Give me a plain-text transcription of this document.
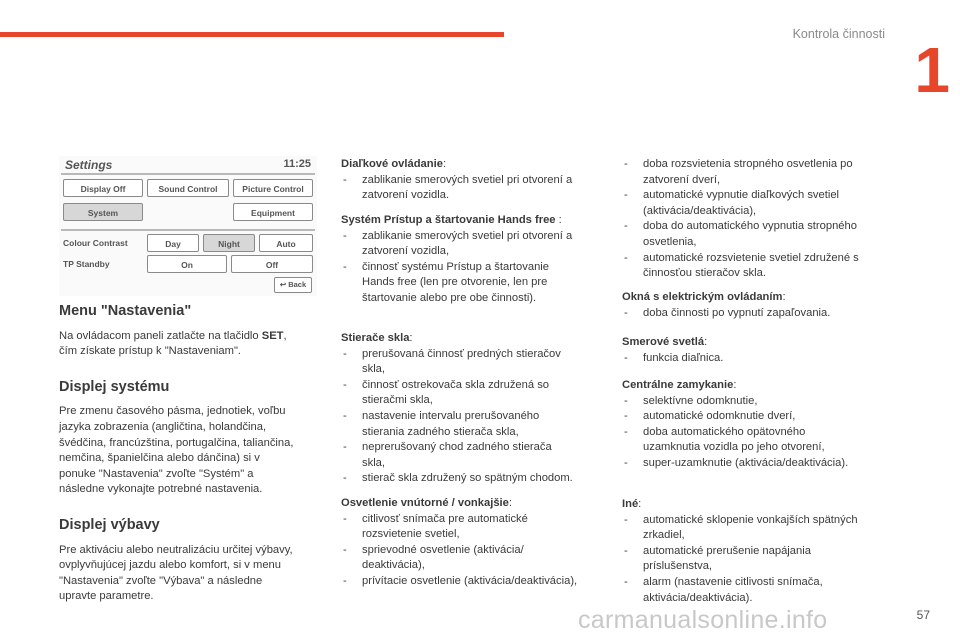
Kontrola činnosti 1
Settings	11:25
Display Off	Sound Control	Picture Control
System	Equipment
Colour Contrast	Day	Night	Auto
TP Standby	On	Off
↩ Back

Menu "Nastavenia"

Na ovládacom paneli zatlačte na tlačidlo SET,
čím získate prístup k "Nastaveniam".

Displej systému

Pre zmenu časového pásma, jednotiek, voľbu
jazyka zobrazenia (angličtina, holandčina,
švédčina, francúzština, portugalčina, taliančina,
nemčina, španielčina alebo dánčina) si v
ponuke "Nastavenia" zvoľte "Systém" a
následne vykonajte potrebné nastavenia.

Displej výbavy

Pre aktiváciu alebo neutralizáciu určitej výbavy,
ovplyvňujúcej jazdu alebo komfort, si v menu
"Nastavenia" zvoľte "Výbava" a následne
upravte parametre.

Diaľkové ovládanie:

- zablikanie smerových svetiel pri otvorení a
zatvorení vozidla.

Systém Prístup a štartovanie Hands free :

- zablikanie smerových svetiel pri otvorení a
zatvorení vozidla,
- činnosť systému Prístup a štartovanie
Hands free (len pre otvorenie, len pre
štartovanie alebo pre obe činnosti).

Stierače skla:

- prerušovaná činnosť predných stieračov
skla,
- činnosť ostrekovača skla združená so
stieračmi skla,
- nastavenie intervalu prerušovaného
stierania zadného stierača skla,
- neprerušovaný chod zadného stierača
skla,
- stierač skla združený so spätným chodom.

Osvetlenie vnútorné / vonkajšie:

- citlivosť snímača pre automatické
rozsvietenie svetiel,
- sprievodné osvetlenie (aktivácia/
deaktivácia),
- prívítacie osvetlenie (aktivácia/deaktivácia),
- doba rozsvietenia stropného osvetlenia po
zatvorení dverí,
- automatické vypnutie diaľkových svetiel
(aktivácia/deaktivácia),
- doba do automatického vypnutia stropného
osvetlenia,
- automatické rozsvietenie svetiel združené s
činnosťou stieračov skla.

Okná s elektrickým ovládaním:

- doba činnosti po vypnutí zapaľovania.

Smerové svetlá:

- funkcia diaľnica.

Centrálne zamykanie:

- selektívne odomknutie,
- automatické odomknutie dverí,
- doba automatického opätovného
uzamknutia vozidla po jeho otvorení,
- super-uzamknutie (aktivácia/deaktivácia).

Iné:

- automatické sklopenie vonkajších spätných
zrkadiel,
- automatické prerušenie napájania
príslušenstva,
- alarm (nastavenie citlivosti snímača,
aktivácia/deaktivácia).
carmanualsonline.info	57
